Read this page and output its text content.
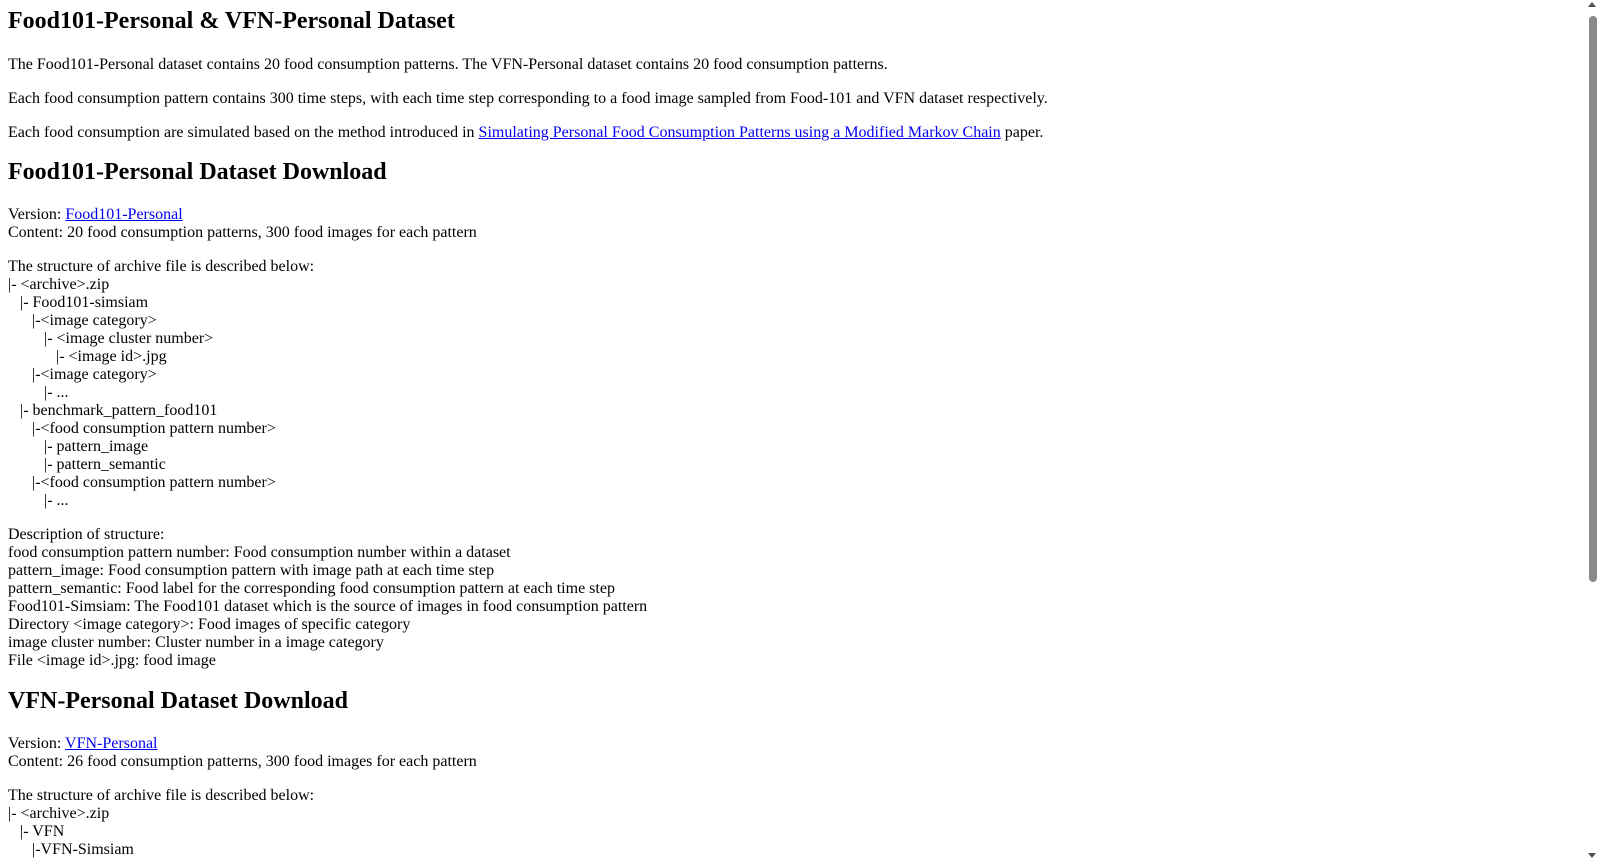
Food101-Personal & VFN-Personal Dataset

The Food101-Personal dataset contains 20 food consumption patterns. The VFN-Personal dataset contains 20 food consumption patterns.

Each food consumption pattern contains 300 time steps, with each time step corresponding to a food image sampled from Food-101 and VFN dataset respectively.

Each food consumption are simulated based on the method introduced in Simulating Personal Food Consumption Patterns using a Modified Markov Chain paper.

Food101-Personal Dataset Download
Version: Food101-Personal
Content: 20 food consumption patterns, 300 food images for each pattern
The structure of archive file is described below:
|- <archive>.zip
|- Food101-simsiam
|-<image category>
|- <image cluster number>
|- <image id>.jpg
|-<image category>
|- ...
|- benchmark_pattern_food101
|-<food consumption pattern number>
|- pattern_image
|- pattern_semantic
|-<food consumption pattern number>
|- ...
Description of structure:
food consumption pattern number: Food consumption number within a dataset
pattern_image: Food consumption pattern with image path at each time step
pattern_semantic: Food label for the corresponding food consumption pattern at each time step
Food101-Simsiam: The Food101 dataset which is the source of images in food consumption pattern
Directory <image category>: Food images of specific category
image cluster number: Cluster number in a image category
File <image id>.jpg: food image
VFN-Personal Dataset Download
Version: VFN-Personal
Content: 26 food consumption patterns, 300 food images for each pattern
The structure of archive file is described below:
|- <archive>.zip
|- VFN
|-VFN-Simsiam
